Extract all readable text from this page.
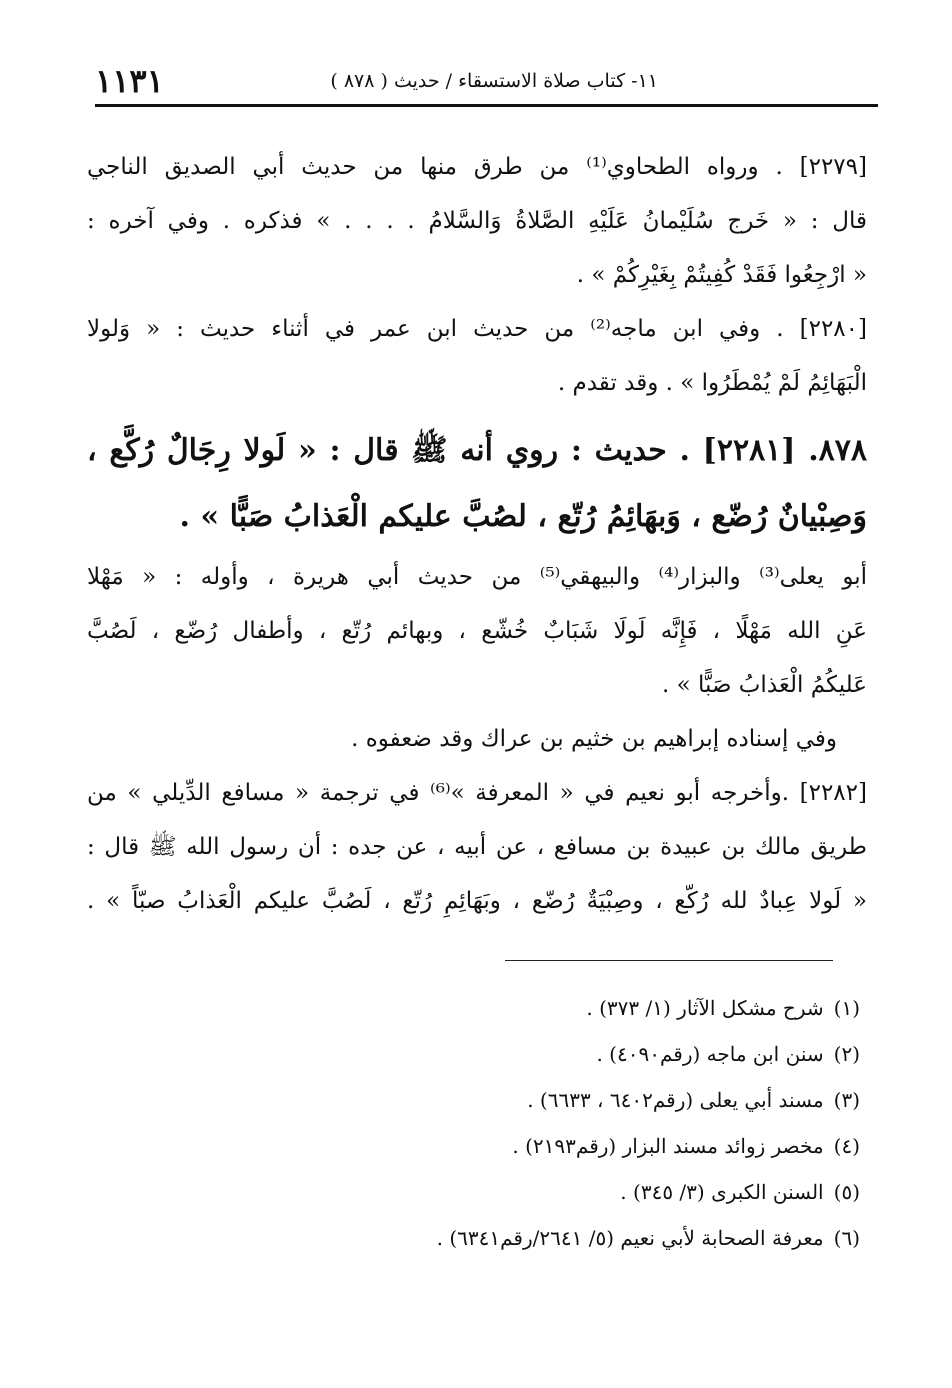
١١٣١	١١- كتاب صلاة الاستسقاء / حديث ( ٨٧٨ )
[٢٢٧٩] . ورواه الطحاوي⁽¹⁾ من طرق منها من حديث أبي الصديق الناجي
قال : « خَرج سُلَيْمانُ عَلَيْهِ الصَّلاةُ وَالسَّلامُ . . . . » فذكره . وفي آخره :
« ارْجِعُوا فَقَدْ كُفِيتُمْ بِغَيْرِكُمْ » .
[٢٢٨٠] . وفي ابن ماجه⁽²⁾ من حديث ابن عمر في أثناء حديث : « وَلولا
الْبَهَائِمُ لَمْ يُمْطَرُوا » . وقد تقدم .
٨٧٨. [٢٢٨١] . حديث : روي أنه ﷺ قال : « لَولا رِجَالٌ رُكَّع ،
وَصِبْيانٌ رُضّع ، وَبهَائِمُ رُتّع ، لصُبَّ عليكم الْعَذابُ صَبًّا » .
أبو يعلى⁽³⁾ والبزار⁽⁴⁾ والبيهقي⁽⁵⁾ من حديث أبي هريرة ، وأوله : « مَهْلا
عَنِ الله مَهْلًا ، فَإِنَّه لَولَا شَبَابٌ خُشّع ، وبهائم رُتّع ، وأطفال رُضّع ، لَصُبَّ
عَليكُمُ الْعَذابُ صَبًّا » .
وفي إسناده إبراهيم بن خثيم بن عراك وقد ضعفوه .
[٢٢٨٢] .وأخرجه أبو نعيم في « المعرفة »⁽⁶⁾ في ترجمة « مسافع الدِّيلي » من
طريق مالك بن عبيدة بن مسافع ، عن أبيه ، عن جده : أن رسول الله ﷺ قال :
« لَولا عِبادٌ لله رُكّع ، وصِبْيَةٌ رُضّع ، وبَهَائِمِ رُتّع ، لَصُبَّ عليكم الْعَذابُ صبّاً » .
(١)شرح مشكل الآثار (١/ ٣٧٣) .
(٢)سنن ابن ماجه (رقم٤٠٩٠) .
(٣)مسند أبي يعلى (رقم٦٤٠٢ ، ٦٦٣٣) .
(٤)مخصر زوائد مسند البزار (رقم٢١٩٣) .
(٥)السنن الكبرى (٣/ ٣٤٥) .
(٦)معرفة الصحابة لأبي نعيم (٥/ ٢٦٤١/رقم٦٣٤١) .
